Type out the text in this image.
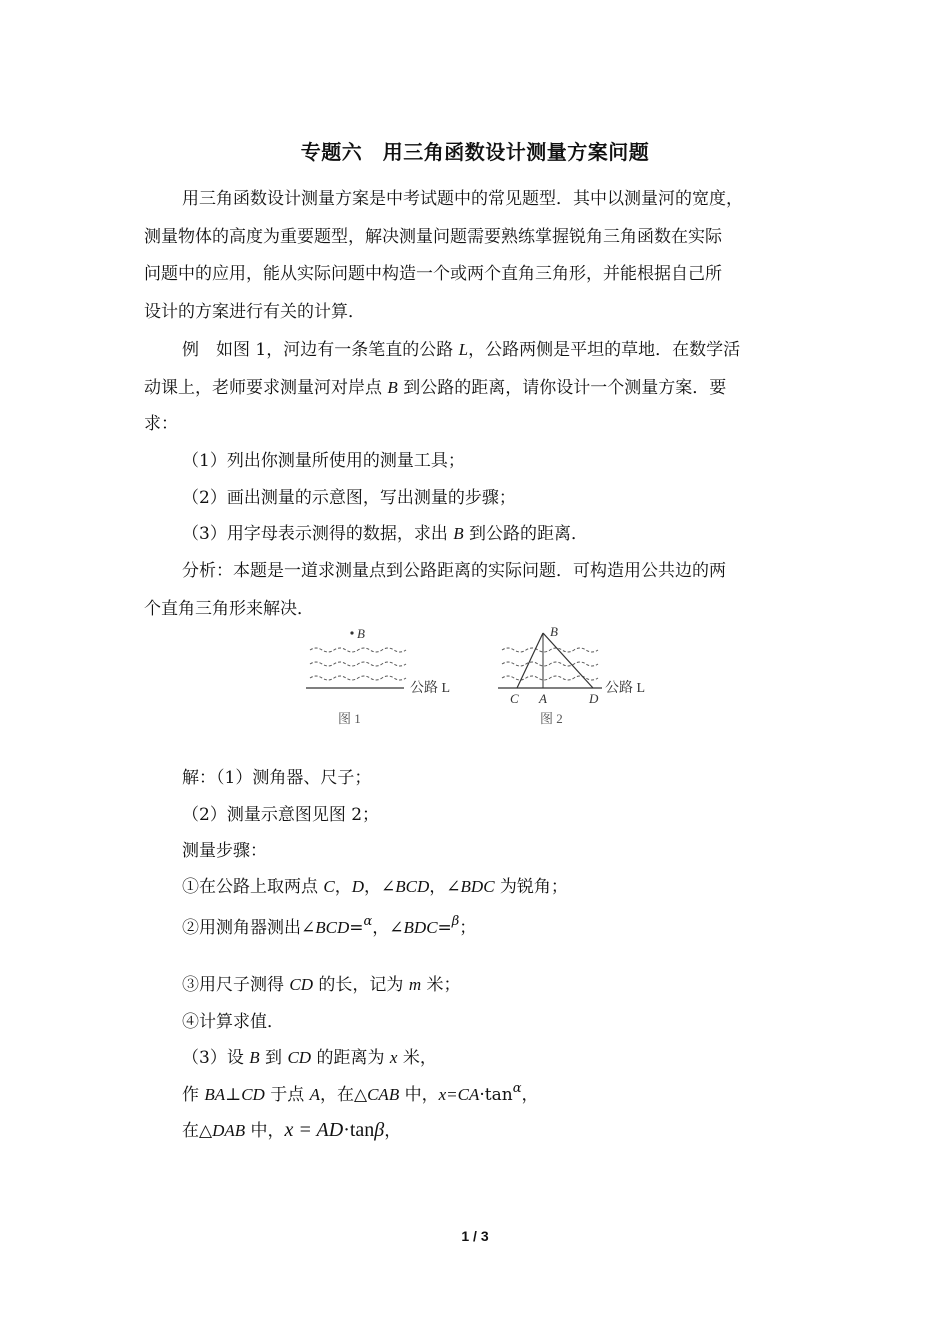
专题六　用三角函数设计测量方案问题
用三角函数设计测量方案是中考试题中的常见题型．其中以测量河的宽度，
测量物体的高度为重要题型，解决测量问题需要熟练掌握锐角三角函数在实际
问题中的应用，能从实际问题中构造一个或两个直角三角形，并能根据自己所
设计的方案进行有关的计算．
例　如图 1，河边有一条笔直的公路 L，公路两侧是平坦的草地．在数学活
动课上，老师要求测量河对岸点 B 到公路的距离，请你设计一个测量方案．要
求：
（1）列出你测量所使用的测量工具；
（2）画出测量的示意图，写出测量的步骤；
（3）用字母表示测得的数据，求出 B 到公路的距离．
分析：本题是一道求测量点到公路距离的实际问题．可构造用公共边的两
个直角三角形来解决．
B
公路 L
图 1
B
C A	D
公路 L
图 2
解：（1）测角器、尺子；
（2）测量示意图见图 2；
测量步骤：
①在公路上取两点 C，D，∠BCD，∠BDC 为锐角；
②用测角器测出∠BCD=$^\alpha$，∠BDC=$^\beta$；
③用尺子测得 CD 的长，记为 m 米；
④计算求值．
（3）设 B 到 CD 的距离为 x 米，
作 BA⊥CD 于点 A，在△CAB 中，$x=CA\cdot\tan^\alpha$，
在△DAB 中，x = AD·tanβ，
1 / 3
